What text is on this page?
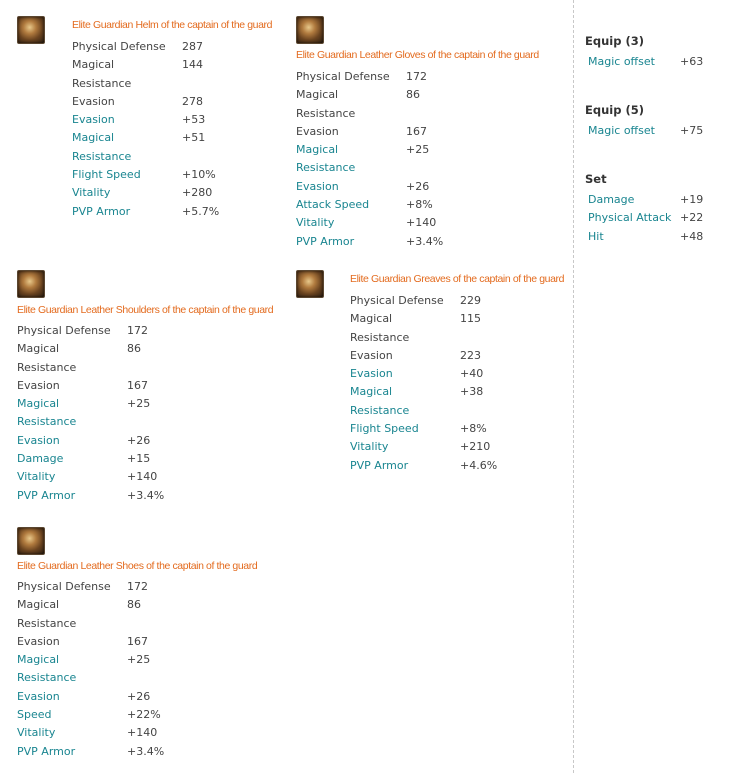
Elite Guardian Helm of the captain of the guard
Physical Defense	287
Magical Resistance
144
Evasion	278
Evasion	+53
Magical Resistance
+51
Flight Speed	+10%
Vitality	+280
PVP Armor	+5.7%
Elite Guardian Leather Gloves of the captain of the guard
Physical Defense	172
Magical Resistance
86
Evasion	167
Magical Resistance
+25
Evasion	+26
Attack Speed	+8%
Vitality	+140
PVP Armor	+3.4%
Elite Guardian Leather Shoulders of the captain of the guard
Physical Defense	172
Magical Resistance
86
Evasion	167
Magical Resistance
+25
Evasion	+26
Damage	+15
Vitality	+140
PVP Armor	+3.4%
Elite Guardian Greaves of the captain of the guard
Physical Defense	229
Magical Resistance
115
Evasion	223
Evasion	+40
Magical Resistance
+38
Flight Speed	+8%
Vitality	+210
PVP Armor	+4.6%
Elite Guardian Leather Shoes of the captain of the guard
Physical Defense	172
Magical Resistance
86
Evasion	167
Magical Resistance
+25
Evasion	+26
Speed	+22%
Vitality	+140
PVP Armor	+3.4%
Equip (3)
Magic offset	+63
Equip (5)
Magic offset	+75
Set
Damage	+19
Physical Attack +22
Hit	+48
